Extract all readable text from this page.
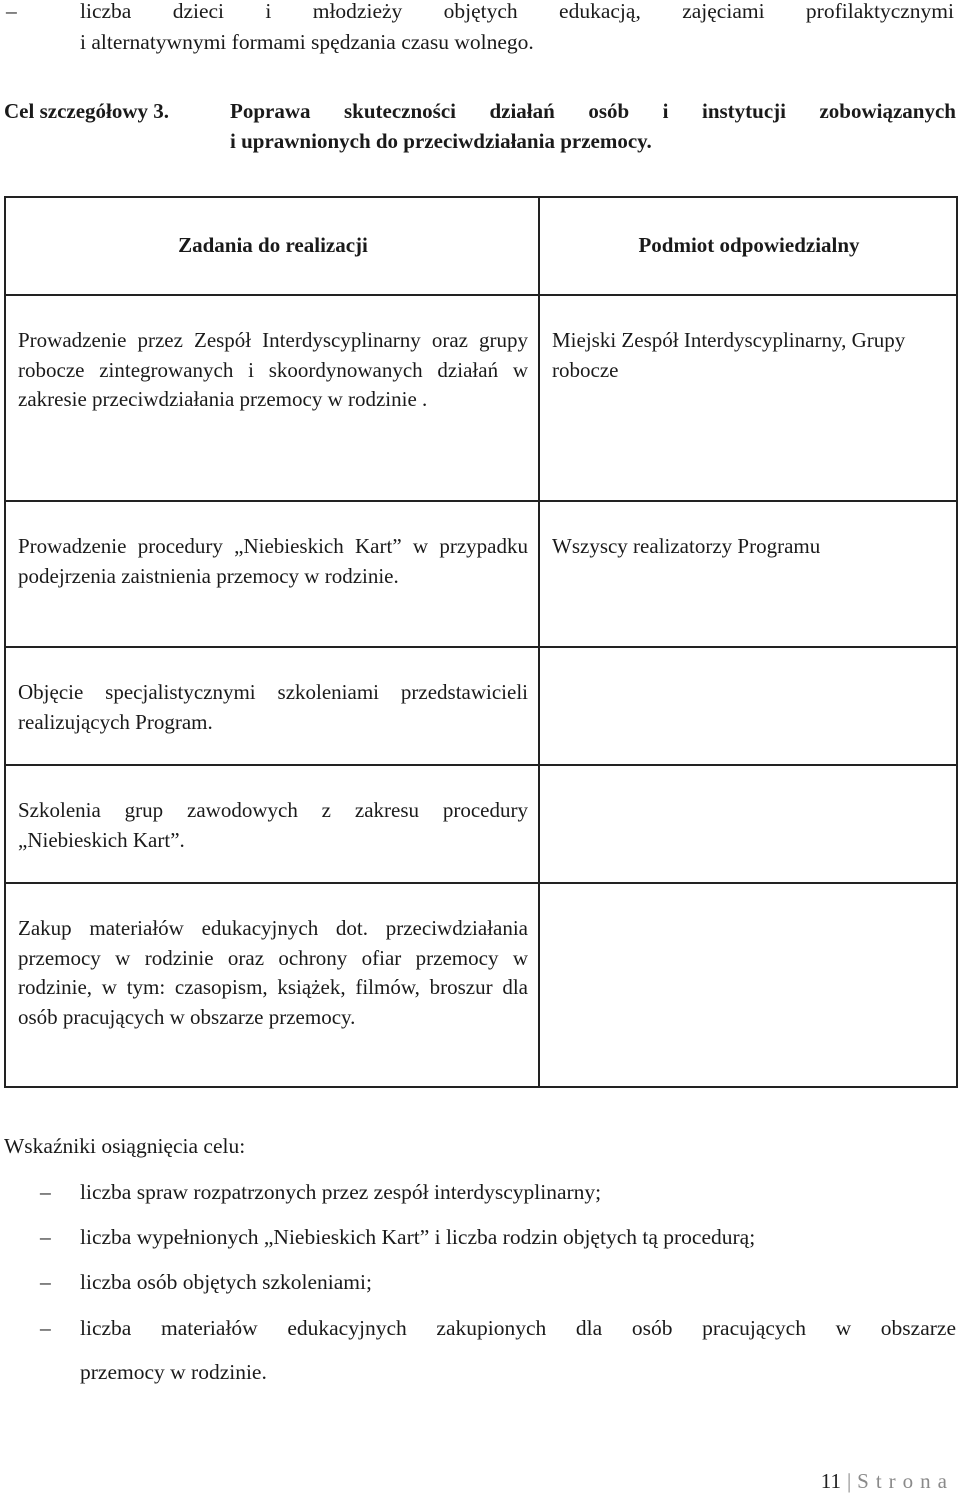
–	liczba dzieci i młodzieży objętych edukacją, zajęciami profilaktycznymi
i alternatywnymi formami spędzania czasu wolnego.
Cel szczegółowy 3.	Poprawa skuteczności działań osób i instytucji zobowiązanych
i uprawnionych do przeciwdziałania przemocy.
Zadania do realizacji	Podmiot odpowiedzialny

Prowadzenie przez Zespół Interdyscyplinarny oraz grupy robocze zintegrowanych i skoordynowanych działań w zakresie przeciwdziałania przemocy w rodzinie .	Miejski Zespół Interdyscyplinarny, Grupy robocze

Prowadzenie procedury „Niebieskich Kart” w przypadku podejrzenia zaistnienia przemocy w rodzinie.	Wszyscy realizatorzy Programu

Objęcie specjalistycznymi szkoleniami przedstawicieli realizujących Program.	

Szkolenia grup zawodowych z zakresu procedury „Niebieskich Kart”.	

Zakup materiałów edukacyjnych dot. przeciwdziałania przemocy w rodzinie oraz ochrony ofiar przemocy w rodzinie, w tym: czasopism, książek, filmów, broszur dla osób pracujących w obszarze przemocy.	

Wskaźniki osiągnięcia celu:
–	liczba spraw rozpatrzonych przez zespół interdyscyplinarny;
–	liczba wypełnionych „Niebieskich Kart” i liczba rodzin objętych tą procedurą;
–	liczba osób objętych szkoleniami;
–	liczba materiałów edukacyjnych zakupionych dla osób pracujących w obszarze
przemocy w rodzinie.
11 | Strona
